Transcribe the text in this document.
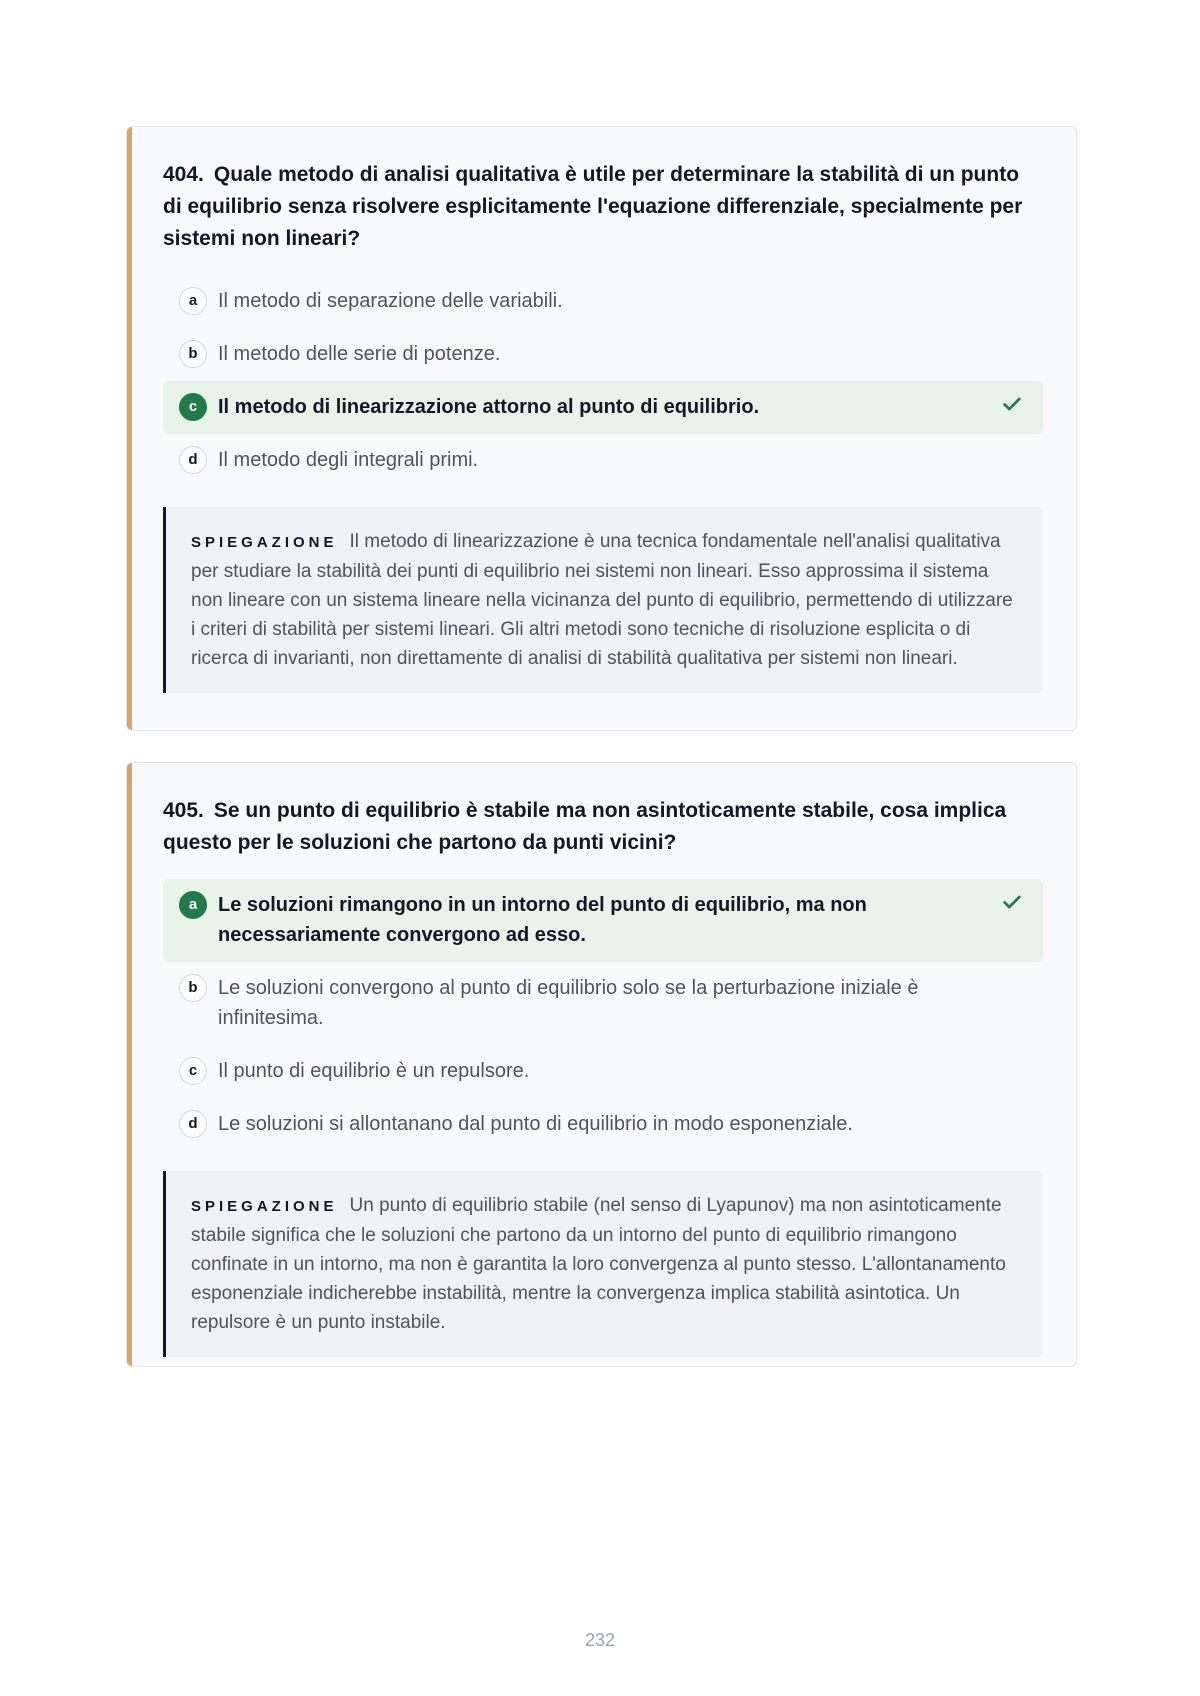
404. Quale metodo di analisi qualitativa è utile per determinare la stabilità di un punto di equilibrio senza risolvere esplicitamente l'equazione differenziale, specialmente per sistemi non lineari?
a	Il metodo di separazione delle variabili.
b	Il metodo delle serie di potenze.
c	Il metodo di linearizzazione attorno al punto di equilibrio.
d	Il metodo degli integrali primi.
SPIEGAZIONE Il metodo di linearizzazione è una tecnica fondamentale nell'analisi qualitativa per studiare la stabilità dei punti di equilibrio nei sistemi non lineari. Esso approssima il sistema non lineare con un sistema lineare nella vicinanza del punto di equilibrio, permettendo di utilizzare i criteri di stabilità per sistemi lineari. Gli altri metodi sono tecniche di risoluzione esplicita o di ricerca di invarianti, non direttamente di analisi di stabilità qualitativa per sistemi non lineari.
405. Se un punto di equilibrio è stabile ma non asintoticamente stabile, cosa implica questo per le soluzioni che partono da punti vicini?
a	Le soluzioni rimangono in un intorno del punto di equilibrio, ma non necessariamente convergono ad esso.
b	Le soluzioni convergono al punto di equilibrio solo se la perturbazione iniziale è infinitesima.
c	Il punto di equilibrio è un repulsore.
d	Le soluzioni si allontanano dal punto di equilibrio in modo esponenziale.
SPIEGAZIONE Un punto di equilibrio stabile (nel senso di Lyapunov) ma non asintoticamente stabile significa che le soluzioni che partono da un intorno del punto di equilibrio rimangono confinate in un intorno, ma non è garantita la loro convergenza al punto stesso. L'allontanamento esponenziale indicherebbe instabilità, mentre la convergenza implica stabilità asintotica. Un repulsore è un punto instabile.
232
